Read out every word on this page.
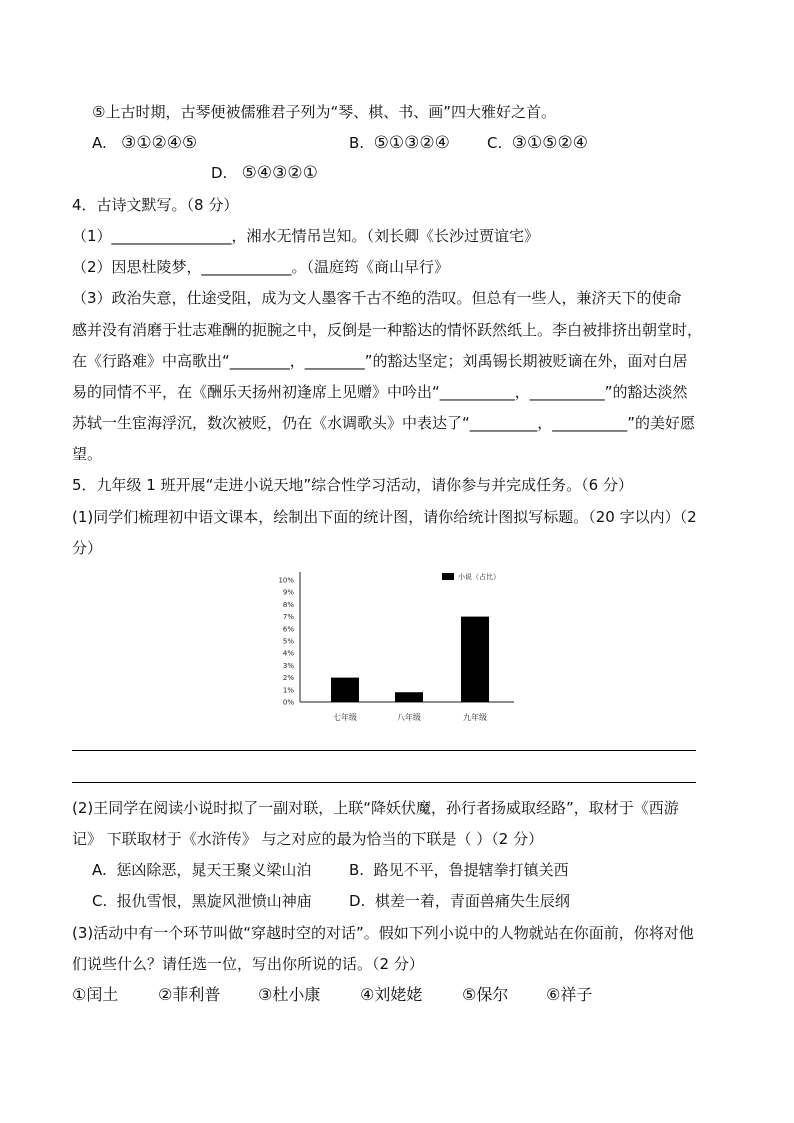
⑤上古时期，古琴便被儒雅君子列为“琴、棋、书、画”四大雅好之首。
A. ③①②④⑤	B. ⑤①③②④ C. ③①⑤②④
D. ⑤④③②①
4．古诗文默写。（8 分）
（1）________________，湘水无情吊岂知。（刘长卿《长沙过贾谊宅》
（2）因思杜陵梦，____________。（温庭筠《商山早行》
（3）政治失意，仕途受阻，成为文人墨客千古不绝的浩叹。但总有一些人，兼济天下的使命
感并没有消磨于壮志难酬的扼腕之中，反倒是一种豁达的情怀跃然纸上。李白被排挤出朝堂时，
在《行路难》中高歌出“________，________”的豁达坚定；刘禹锡长期被贬谪在外，面对白居
易的同情不平，在《酬乐天扬州初逢席上见赠》中吟出“__________，__________”的豁达淡然
苏轼一生宦海浮沉，数次被贬，仍在《水调歌头》中表达了“_________，__________”的美好愿
望。
5．九年级 1 班开展“走进小说天地”综合性学习活动，请你参与并完成任务。（6 分）
(1)同学们梳理初中语文课本，绘制出下面的统计图，请你给统计图拟写标题。（20 字以内）（2
分）
0%
1%
2%
3%
4%
5%
6%
7%
8%
9%
10%
七年级	八年级	九年级
小说（占比）
(2)王同学在阅读小说时拟了一副对联，上联“降妖伏魔，孙行者扬威取经路”，取材于《西游
记》 下联取材于《水浒传》 与之对应的最为恰当的下联是（ ）（2 分）
A. 惩凶除恶，晁天王聚义梁山泊	B. 路见不平，鲁提辖拳打镇关西
C. 报仇雪恨，黑旋风泄愤山神庙 D. 棋差一着，青面兽痛失生辰纲
(3)活动中有一个环节叫做“穿越时空的对话”。假如下列小说中的人物就站在你面前，你将对他
们说些什么？请任选一位，写出你所说的话。（2 分）
①闰土 ②菲利普 ③杜小康 ④刘姥姥 ⑤保尔 ⑥祥子
